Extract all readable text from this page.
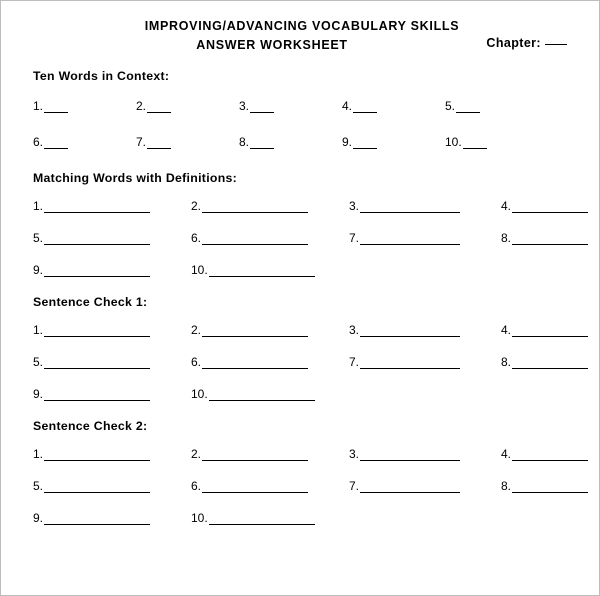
IMPROVING/ADVANCING VOCABULARY SKILLS
ANSWER WORKSHEET	Chapter:
Ten Words in Context:
1.	2.	3.	4.	5.
6.	7.	8.	9.	10.
Matching Words with Definitions:
1.	2.	3.	4.
5.	6.	7.	8.
9.	10.
Sentence Check 1:
1.	2.	3.	4.
5.	6.	7.	8.
9.	10.
Sentence Check 2:
1.	2.	3.	4.
5.	6.	7.	8.
9.	10.
